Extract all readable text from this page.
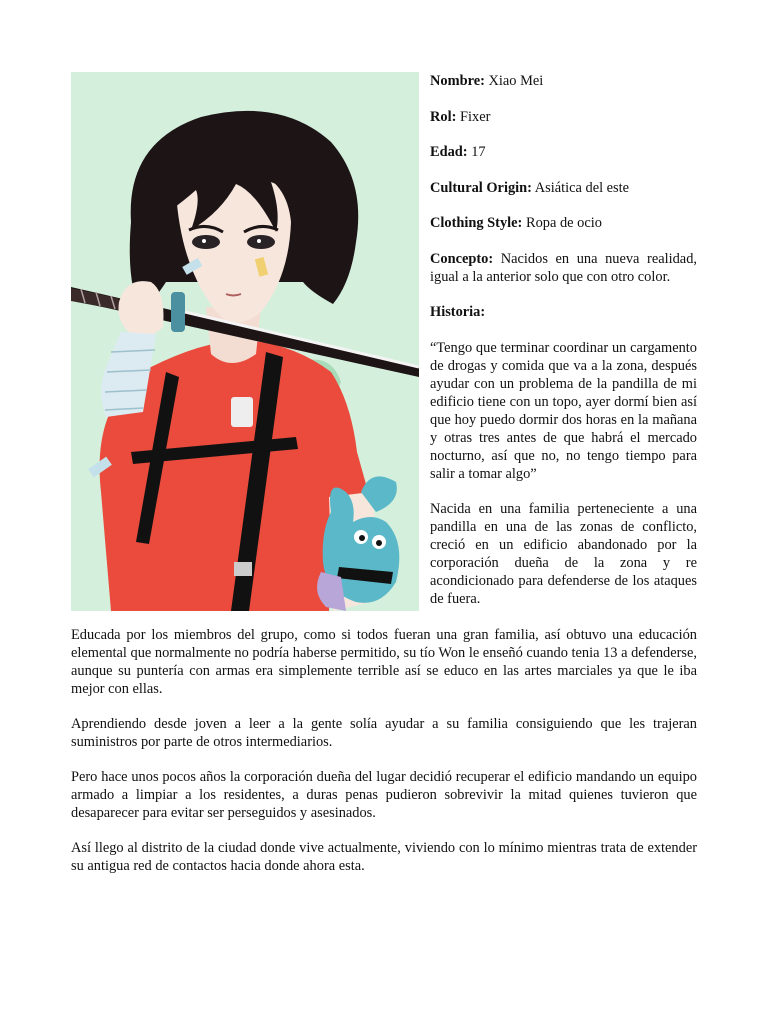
Nombre: Xiao Mei

Rol: Fixer

Edad: 17

Cultural Origin: Asiática del este

Clothing Style: Ropa de ocio

Concepto: Nacidos en una nueva realidad, igual a la anterior solo que con otro color.

Historia:

“Tengo que terminar coordinar un cargamento de drogas y comida que va a la zona, después ayudar con un problema de la pandilla de mi edificio tiene con un topo, ayer dormí bien así que hoy puedo dormir dos horas en la mañana y otras tres antes de que habrá el mercado nocturno, así que no, no tengo tiempo para salir a tomar algo”

Nacida en una familia perteneciente a una pandilla en una de las zonas de conflicto, creció en un edificio abandonado por la corporación dueña de la zona y re acondicionado para defenderse de los ataques de fuera.

Educada por los miembros del grupo, como si todos fueran una gran familia, así obtuvo una educación elemental que normalmente no podría haberse permitido, su tío Won le enseñó cuando tenia 13 a defenderse, aunque su puntería con armas era simplemente terrible así se educo en las artes marciales ya que le iba mejor con ellas.

Aprendiendo desde joven a leer a la gente solía ayudar a su familia consiguiendo que les trajeran suministros por parte de otros intermediarios.

Pero hace unos pocos años la corporación dueña del lugar decidió recuperar el edificio mandando un equipo armado a limpiar a los residentes, a duras penas pudieron sobrevivir la mitad quienes tuvieron que desaparecer para evitar ser perseguidos y asesinados.

Así llego al distrito de la ciudad donde vive actualmente, viviendo con lo mínimo mientras trata de extender su antigua red de contactos hacia donde ahora esta.
